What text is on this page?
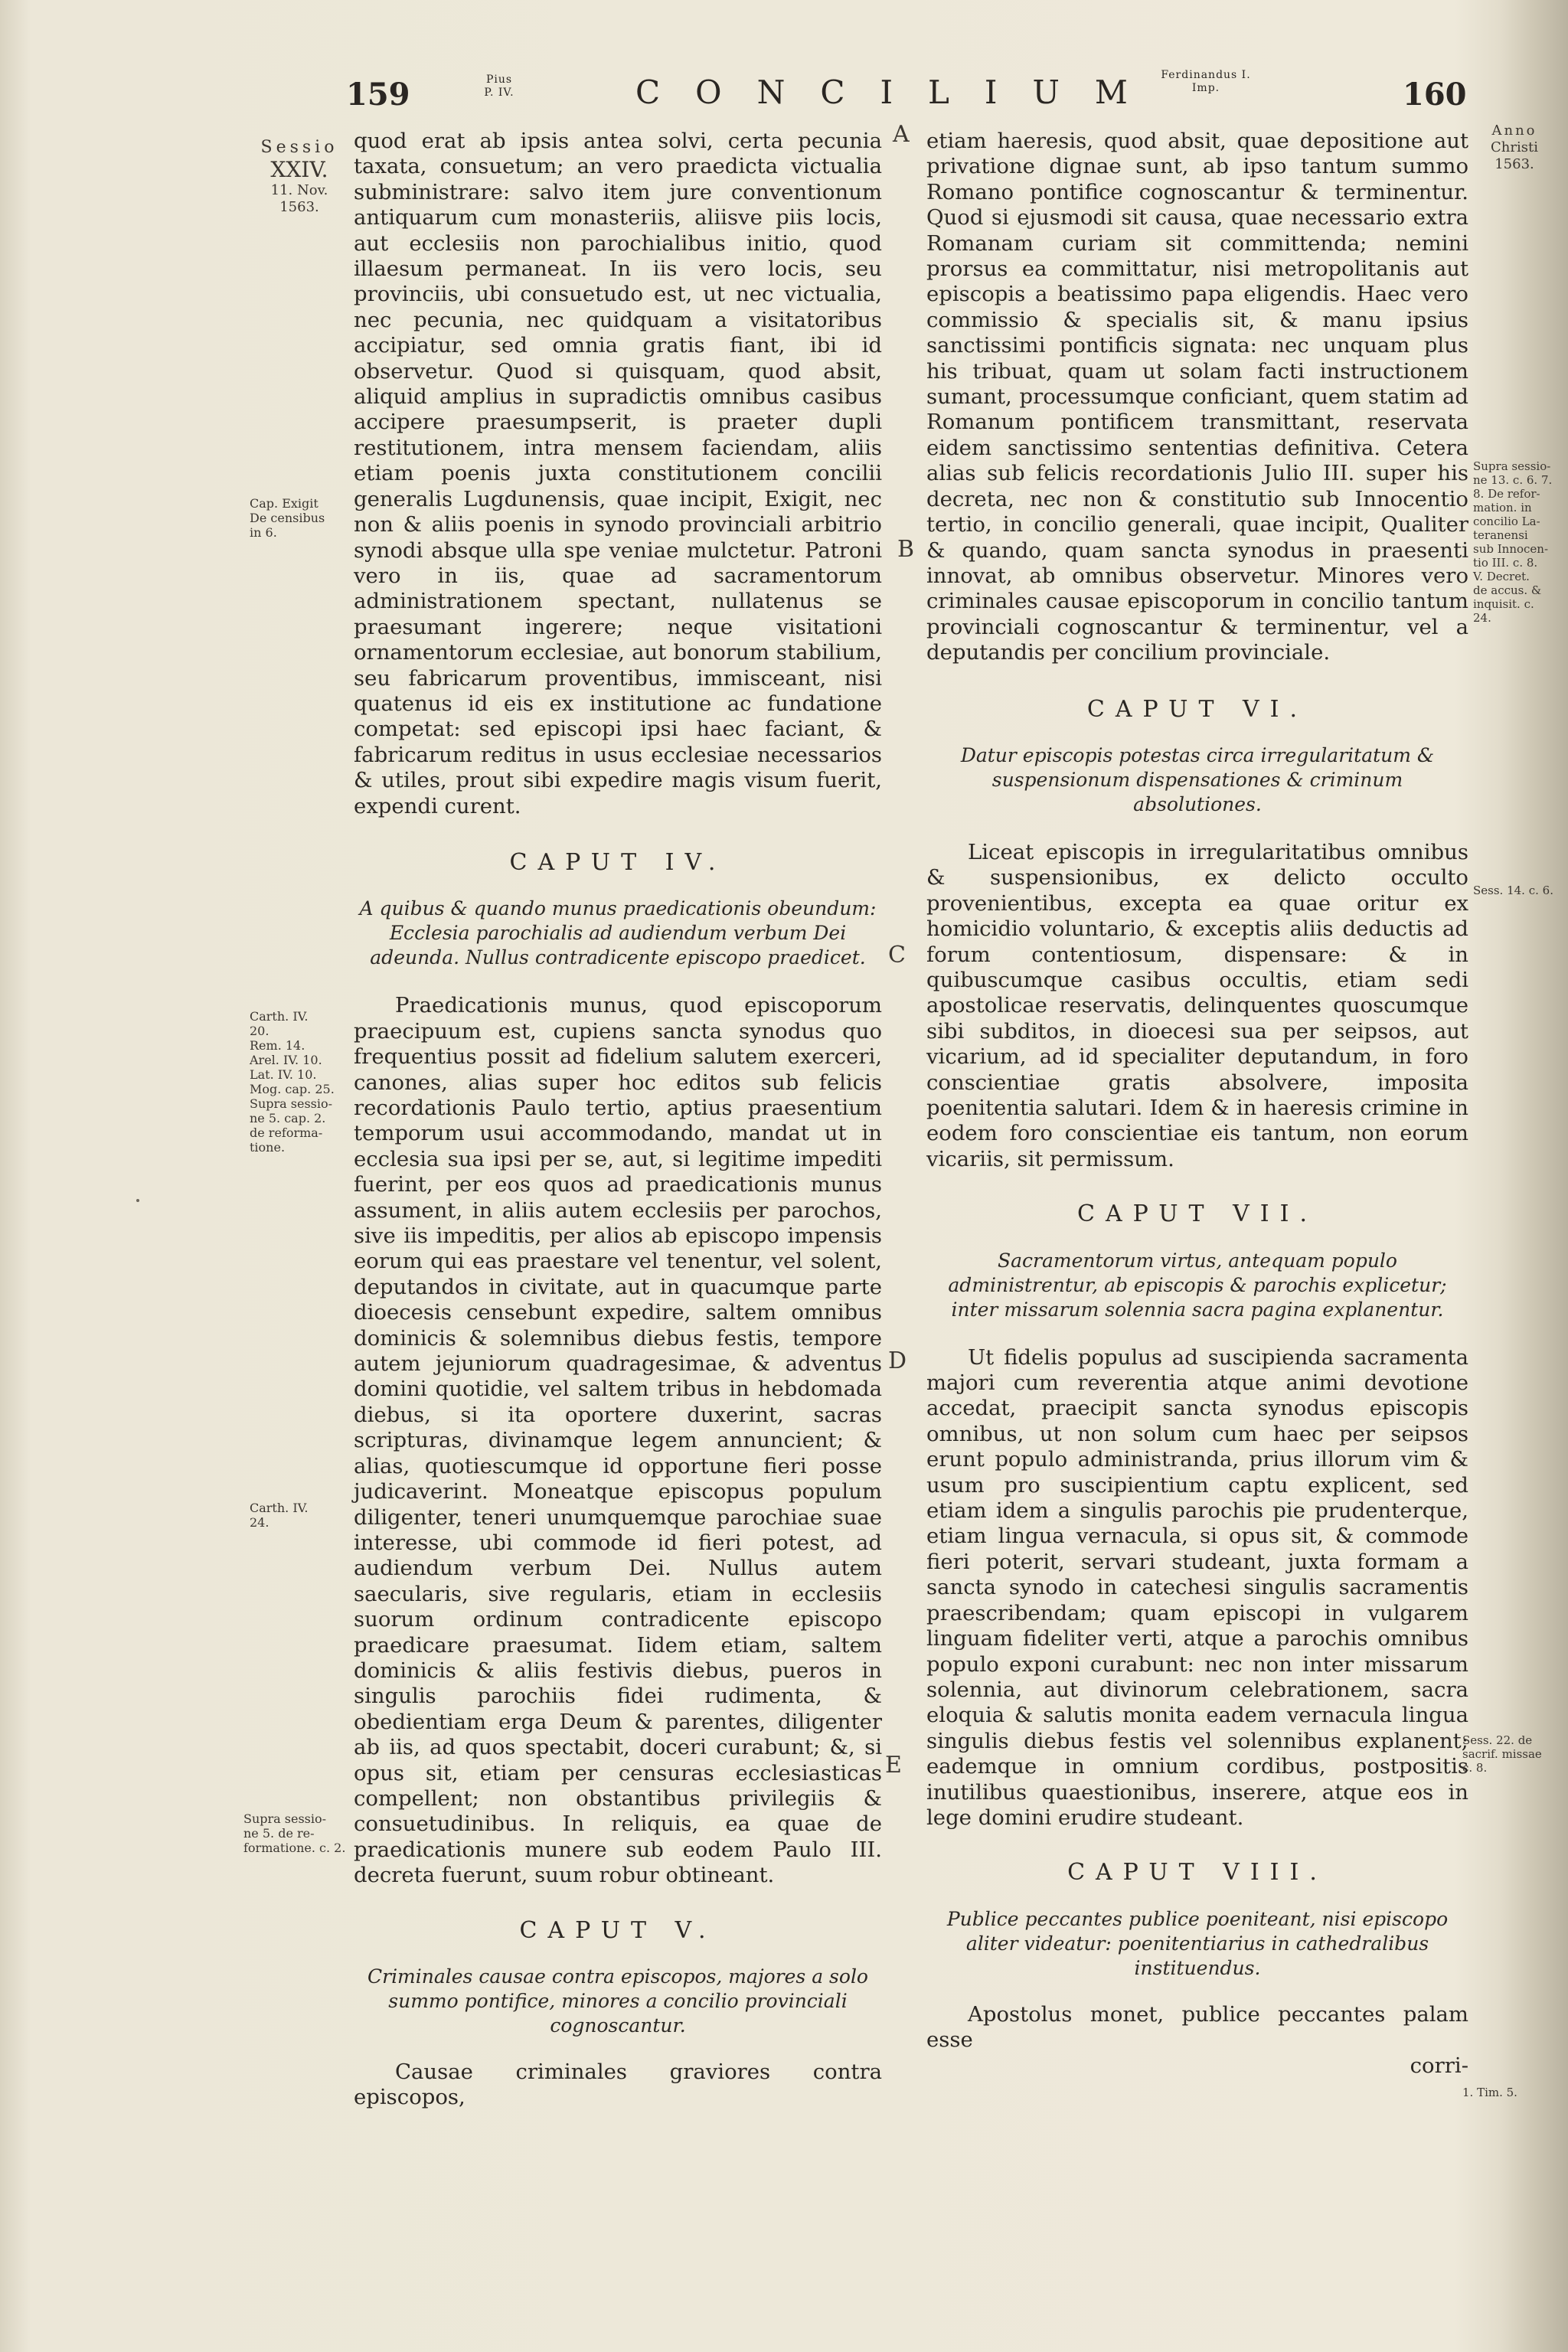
159	Pius
P. IV.	CONCILIUM
Ferdinandus I.
Imp.	160
Sessio
XXIV.
11. Nov.
1563.
Cap. Exigit
De censibus
in 6.
Carth. IV.
20.
Rem. 14.
Arel. IV. 10.
Lat. IV. 10.
Mog. cap. 25.
Supra sessio-
ne 5. cap. 2.
de reforma-
tione.
Carth. IV.
24.
Supra sessio-
ne 5. de re-
formatione. c. 2.

quod erat ab ipsis antea solvi, certa pecunia taxata, consuetum; an vero praedicta victualia subministrare: salvo item jure conventionum antiquarum cum monasteriis, aliisve piis locis, aut ecclesiis non parochialibus initio, quod illaesum permaneat. In iis vero locis, seu provinciis, ubi consuetudo est, ut nec victualia, nec pecunia, nec quidquam a visitatoribus accipiatur, sed omnia gratis fiant, ibi id observetur. Quod si quisquam, quod absit, aliquid amplius in supradictis omnibus casibus accipere praesumpserit, is praeter dupli restitutionem, intra mensem faciendam, aliis etiam poenis juxta constitutionem concilii generalis Lugdunensis, quae incipit, Exigit, nec non & aliis poenis in synodo provinciali arbitrio synodi absque ulla spe veniae mulctetur. Patroni vero in iis, quae ad sacramentorum administrationem spectant, nullatenus se praesumant ingerere; neque visitationi ornamentorum ecclesiae, aut bonorum stabilium, seu fabricarum proventibus, immisceant, nisi quatenus id eis ex institutione ac fundatione competat: sed episcopi ipsi haec faciant, & fabricarum reditus in usus ecclesiae necessarios & utiles, prout sibi expedire magis visum fuerit, expendi curent.

CAPUT IV.
A quibus & quando munus praedicationis obeundum: Ecclesia parochialis ad audiendum verbum Dei adeunda. Nullus contradicente episcopo praedicet.

Praedicationis munus, quod episcoporum praecipuum est, cupiens sancta synodus quo frequentius possit ad fidelium salutem exerceri, canones, alias super hoc editos sub felicis recordationis Paulo tertio, aptius praesentium temporum usui accommodando, mandat ut in ecclesia sua ipsi per se, aut, si legitime impediti fuerint, per eos quos ad praedicationis munus assument, in aliis autem ecclesiis per parochos, sive iis impeditis, per alios ab episcopo impensis eorum qui eas praestare vel tenentur, vel solent, deputandos in civitate, aut in quacumque parte dioecesis censebunt expedire, saltem omnibus dominicis & solemnibus diebus festis, tempore autem jejuniorum quadragesimae, & adventus domini quotidie, vel saltem tribus in hebdomada diebus, si ita oportere duxerint, sacras scripturas, divinamque legem annuncient; & alias, quotiescumque id opportune fieri posse judicaverint. Moneatque episcopus populum diligenter, teneri unumquemque parochiae suae interesse, ubi commode id fieri potest, ad audiendum verbum Dei. Nullus autem saecularis, sive regularis, etiam in ecclesiis suorum ordinum contradicente episcopo praedicare praesumat. Iidem etiam, saltem dominicis & aliis festivis diebus, pueros in singulis parochiis fidei rudimenta, & obedientiam erga Deum & parentes, diligenter ab iis, ad quos spectabit, doceri curabunt; &, si opus sit, etiam per censuras ecclesiasticas compellent; non obstantibus privilegiis & consuetudinibus. In reliquis, ea quae de praedicationis munere sub eodem Paulo III. decreta fuerunt, suum robur obtineant.

CAPUT V.
Criminales causae contra episcopos, majores a solo summo pontifice, minores a concilio provinciali cognoscantur.

Causae criminales graviores contra episcopos,

A
B
C
D
E

etiam haeresis, quod absit, quae depositione aut privatione dignae sunt, ab ipso tantum summo Romano pontifice cognoscantur & terminentur. Quod si ejusmodi sit causa, quae necessario extra Romanam curiam sit committenda; nemini prorsus ea committatur, nisi metropolitanis aut episcopis a beatissimo papa eligendis. Haec vero commissio & specialis sit, & manu ipsius sanctissimi pontificis signata: nec unquam plus his tribuat, quam ut solam facti instructionem sumant, processumque conficiant, quem statim ad Romanum pontificem transmittant, reservata eidem sanctissimo sententias definitiva. Cetera alias sub felicis recordationis Julio III. super his decreta, nec non & constitutio sub Innocentio tertio, in concilio generali, quae incipit, Qualiter & quando, quam sancta synodus in praesenti innovat, ab omnibus observetur. Minores vero criminales causae episcoporum in concilio tantum provinciali cognoscantur & terminentur, vel a deputandis per concilium provinciale.

CAPUT VI.
Datur episcopis potestas circa irregularitatum & suspensionum dispensationes & criminum absolutiones.

Liceat episcopis in irregularitatibus omnibus & suspensionibus, ex delicto occulto provenientibus, excepta ea quae oritur ex homicidio voluntario, & exceptis aliis deductis ad forum contentiosum, dispensare: & in quibuscumque casibus occultis, etiam sedi apostolicae reservatis, delinquentes quoscumque sibi subditos, in dioecesi sua per seipsos, aut vicarium, ad id specialiter deputandum, in foro conscientiae gratis absolvere, imposita poenitentia salutari. Idem & in haeresis crimine in eodem foro conscientiae eis tantum, non eorum vicariis, sit permissum.

CAPUT VII.
Sacramentorum virtus, antequam populo administrentur, ab episcopis & parochis explicetur; inter missarum solennia sacra pagina explanentur.

Ut fidelis populus ad suscipienda sacramenta majori cum reverentia atque animi devotione accedat, praecipit sancta synodus episcopis omnibus, ut non solum cum haec per seipsos erunt populo administranda, prius illorum vim & usum pro suscipientium captu explicent, sed etiam idem a singulis parochis pie prudenterque, etiam lingua vernacula, si opus sit, & commode fieri poterit, servari studeant, juxta formam a sancta synodo in catechesi singulis sacramentis praescribendam; quam episcopi in vulgarem linguam fideliter verti, atque a parochis omnibus populo exponi curabunt: nec non inter missarum solennia, aut divinorum celebrationem, sacra eloquia & salutis monita eadem vernacula lingua singulis diebus festis vel solennibus explanent; eademque in omnium cordibus, postpositis inutilibus quaestionibus, inserere, atque eos in lege domini erudire studeant.

CAPUT VIII.
Publice peccantes publice poeniteant, nisi episcopo aliter videatur: poenitentiarius in cathedralibus instituendus.

Apostolus monet, publice peccantes palam esse

corri-
Anno
Christi
1563.
Supra sessio-
ne 13. c. 6. 7.
8. De refor-
mation. in
concilio La-
teranensi
sub Innocen-
tio III. c. 8.
V. Decret.
de accus. &
inquisit. c.
24.
Sess. 14. c. 6.
Sess. 22. de
sacrif. missae
c. 8.
1. Tim. 5.
